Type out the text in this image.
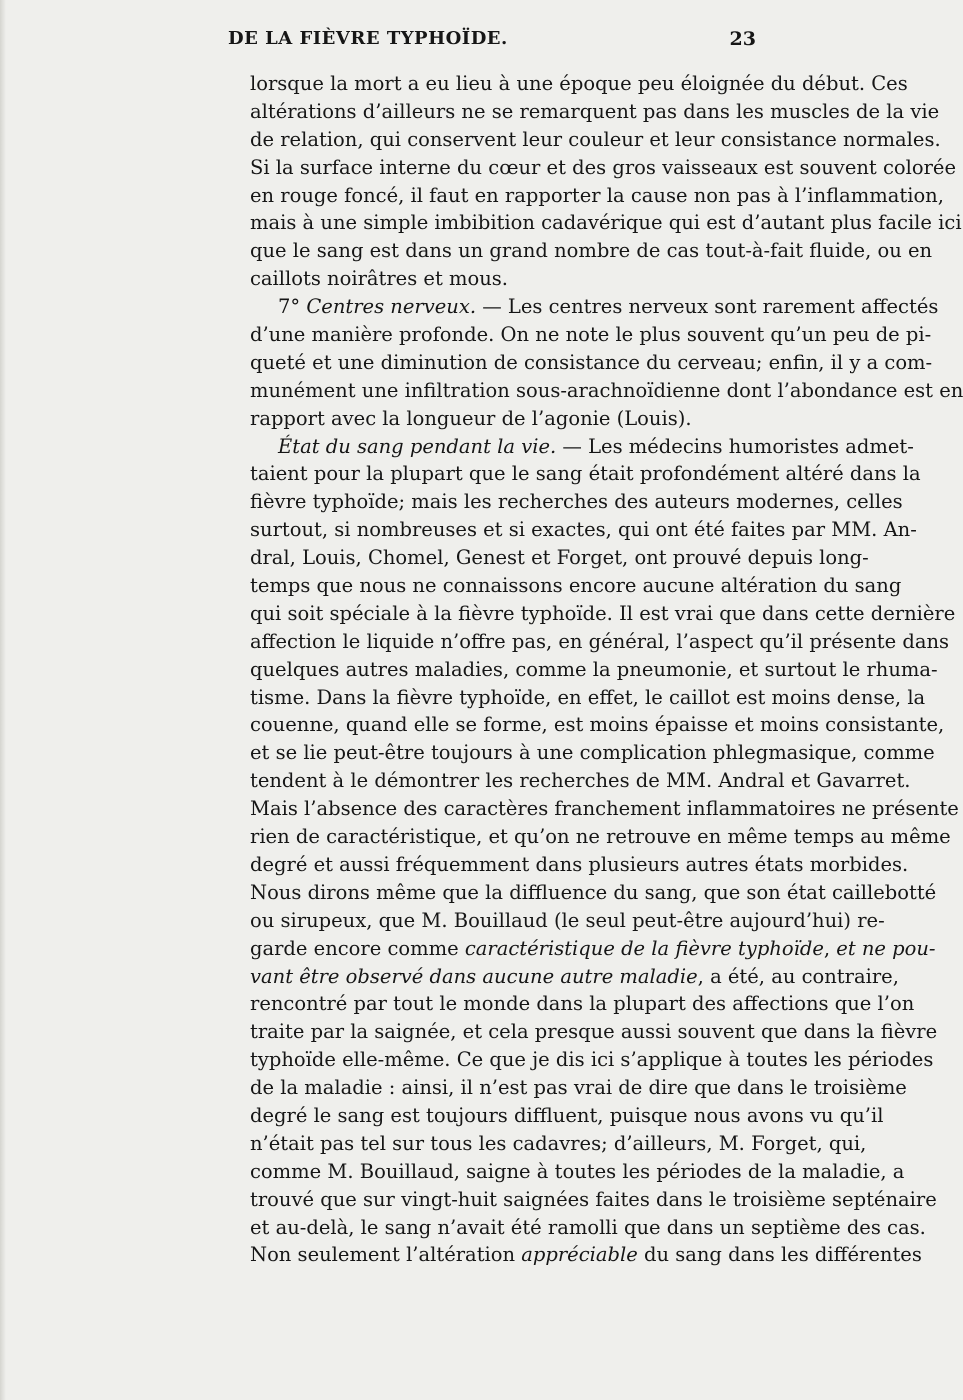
DE LA FIÈVRE TYPHOÏDE.	23
lorsque la mort a eu lieu à une époque peu éloignée du début. Ces
altérations d’ailleurs ne se remarquent pas dans les muscles de la vie
de relation, qui conservent leur couleur et leur consistance normales.
Si la surface interne du cœur et des gros vaisseaux est souvent colorée
en rouge foncé, il faut en rapporter la cause non pas à l’inflammation,
mais à une simple imbibition cadavérique qui est d’autant plus facile ici
que le sang est dans un grand nombre de cas tout-à-fait fluide, ou en
caillots noirâtres et mous.
7° Centres nerveux. — Les centres nerveux sont rarement affectés
d’une manière profonde. On ne note le plus souvent qu’un peu de pi-
queté et une diminution de consistance du cerveau; enfin, il y a com-
munément une infiltration sous-arachnoïdienne dont l’abondance est en
rapport avec la longueur de l’agonie (Louis).
État du sang pendant la vie. — Les médecins humoristes admet-
taient pour la plupart que le sang était profondément altéré dans la
fièvre typhoïde; mais les recherches des auteurs modernes, celles
surtout, si nombreuses et si exactes, qui ont été faites par MM. An-
dral, Louis, Chomel, Genest et Forget, ont prouvé depuis long-
temps que nous ne connaissons encore aucune altération du sang
qui soit spéciale à la fièvre typhoïde. Il est vrai que dans cette dernière
affection le liquide n’offre pas, en général, l’aspect qu’il présente dans
quelques autres maladies, comme la pneumonie, et surtout le rhuma-
tisme. Dans la fièvre typhoïde, en effet, le caillot est moins dense, la
couenne, quand elle se forme, est moins épaisse et moins consistante,
et se lie peut-être toujours à une complication phlegmasique, comme
tendent à le démontrer les recherches de MM. Andral et Gavarret.
Mais l’absence des caractères franchement inflammatoires ne présente
rien de caractéristique, et qu’on ne retrouve en même temps au même
degré et aussi fréquemment dans plusieurs autres états morbides.
Nous dirons même que la diffluence du sang, que son état caillebotté
ou sirupeux, que M. Bouillaud (le seul peut-être aujourd’hui) re-
garde encore comme caractéristique de la fièvre typhoïde, et ne pou-
vant être observé dans aucune autre maladie, a été, au contraire,
rencontré par tout le monde dans la plupart des affections que l’on
traite par la saignée, et cela presque aussi souvent que dans la fièvre
typhoïde elle-même. Ce que je dis ici s’applique à toutes les périodes
de la maladie : ainsi, il n’est pas vrai de dire que dans le troisième
degré le sang est toujours diffluent, puisque nous avons vu qu’il
n’était pas tel sur tous les cadavres; d’ailleurs, M. Forget, qui,
comme M. Bouillaud, saigne à toutes les périodes de la maladie, a
trouvé que sur vingt-huit saignées faites dans le troisième septénaire
et au-delà, le sang n’avait été ramolli que dans un septième des cas.
Non seulement l’altération appréciable du sang dans les différentes
